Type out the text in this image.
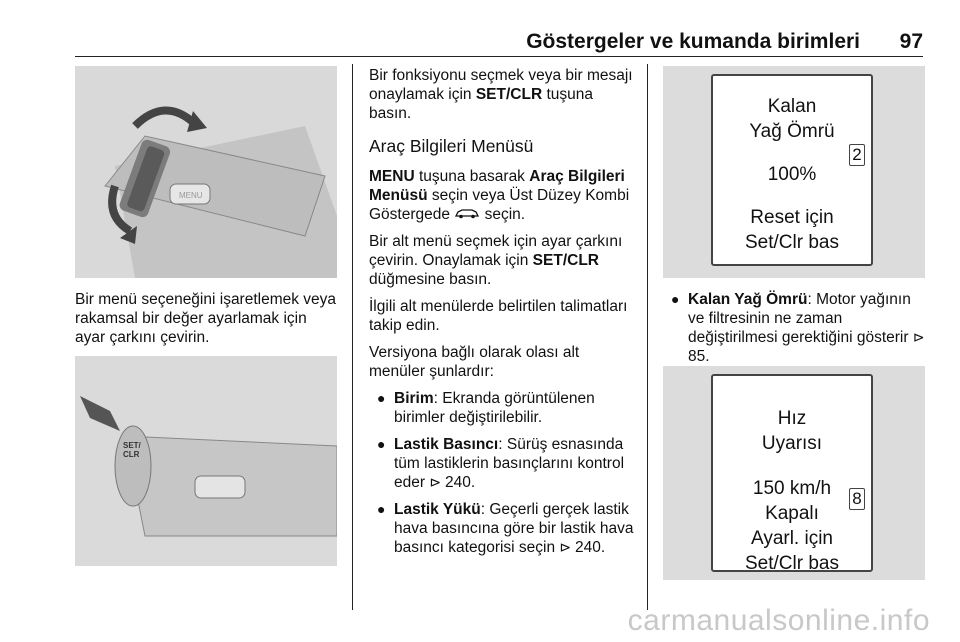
Göstergeler ve kumanda birimleri 97
MENU
Bir menü seçeneğini işaretlemek veya rakamsal bir değer ayarlamak için ayar çarkını çevirin.
SET/
CLR

Bir fonksiyonu seçmek veya bir mesajı onaylamak için SET/CLR tuşuna basın.

Araç Bilgileri Menüsü

MENU tuşuna basarak Araç Bilgileri Menüsü seçin veya Üst Düzey Kombi Göstergede  seçin.

Bir alt menü seçmek için ayar çarkını çevirin. Onaylamak için SET/CLR düğmesine basın.

İlgili alt menülerde belirtilen talimatları takip edin.

Versiyona bağlı olarak olası alt menüler şunlardır:

● Birim: Ekranda görüntülenen birimler değiştirilebilir.
● Lastik Basıncı: Sürüş esnasında tüm lastiklerin basınçlarını kontrol eder ⊳ 240.
● Lastik Yükü: Geçerli gerçek lastik hava basıncına göre bir lastik hava basıncı kategorisi seçin ⊳ 240.
Kalan
Yağ Ömrü
100%
Reset için
Set/Clr bas
2
● Kalan Yağ Ömrü: Motor yağının ve filtresinin ne zaman değiştirilmesi gerektiğini gösterir ⊳ 85.
Hız
Uyarısı
150 km/h
Kapalı
Ayarl. için
Set/Clr bas
8
carmanualsonline.info
